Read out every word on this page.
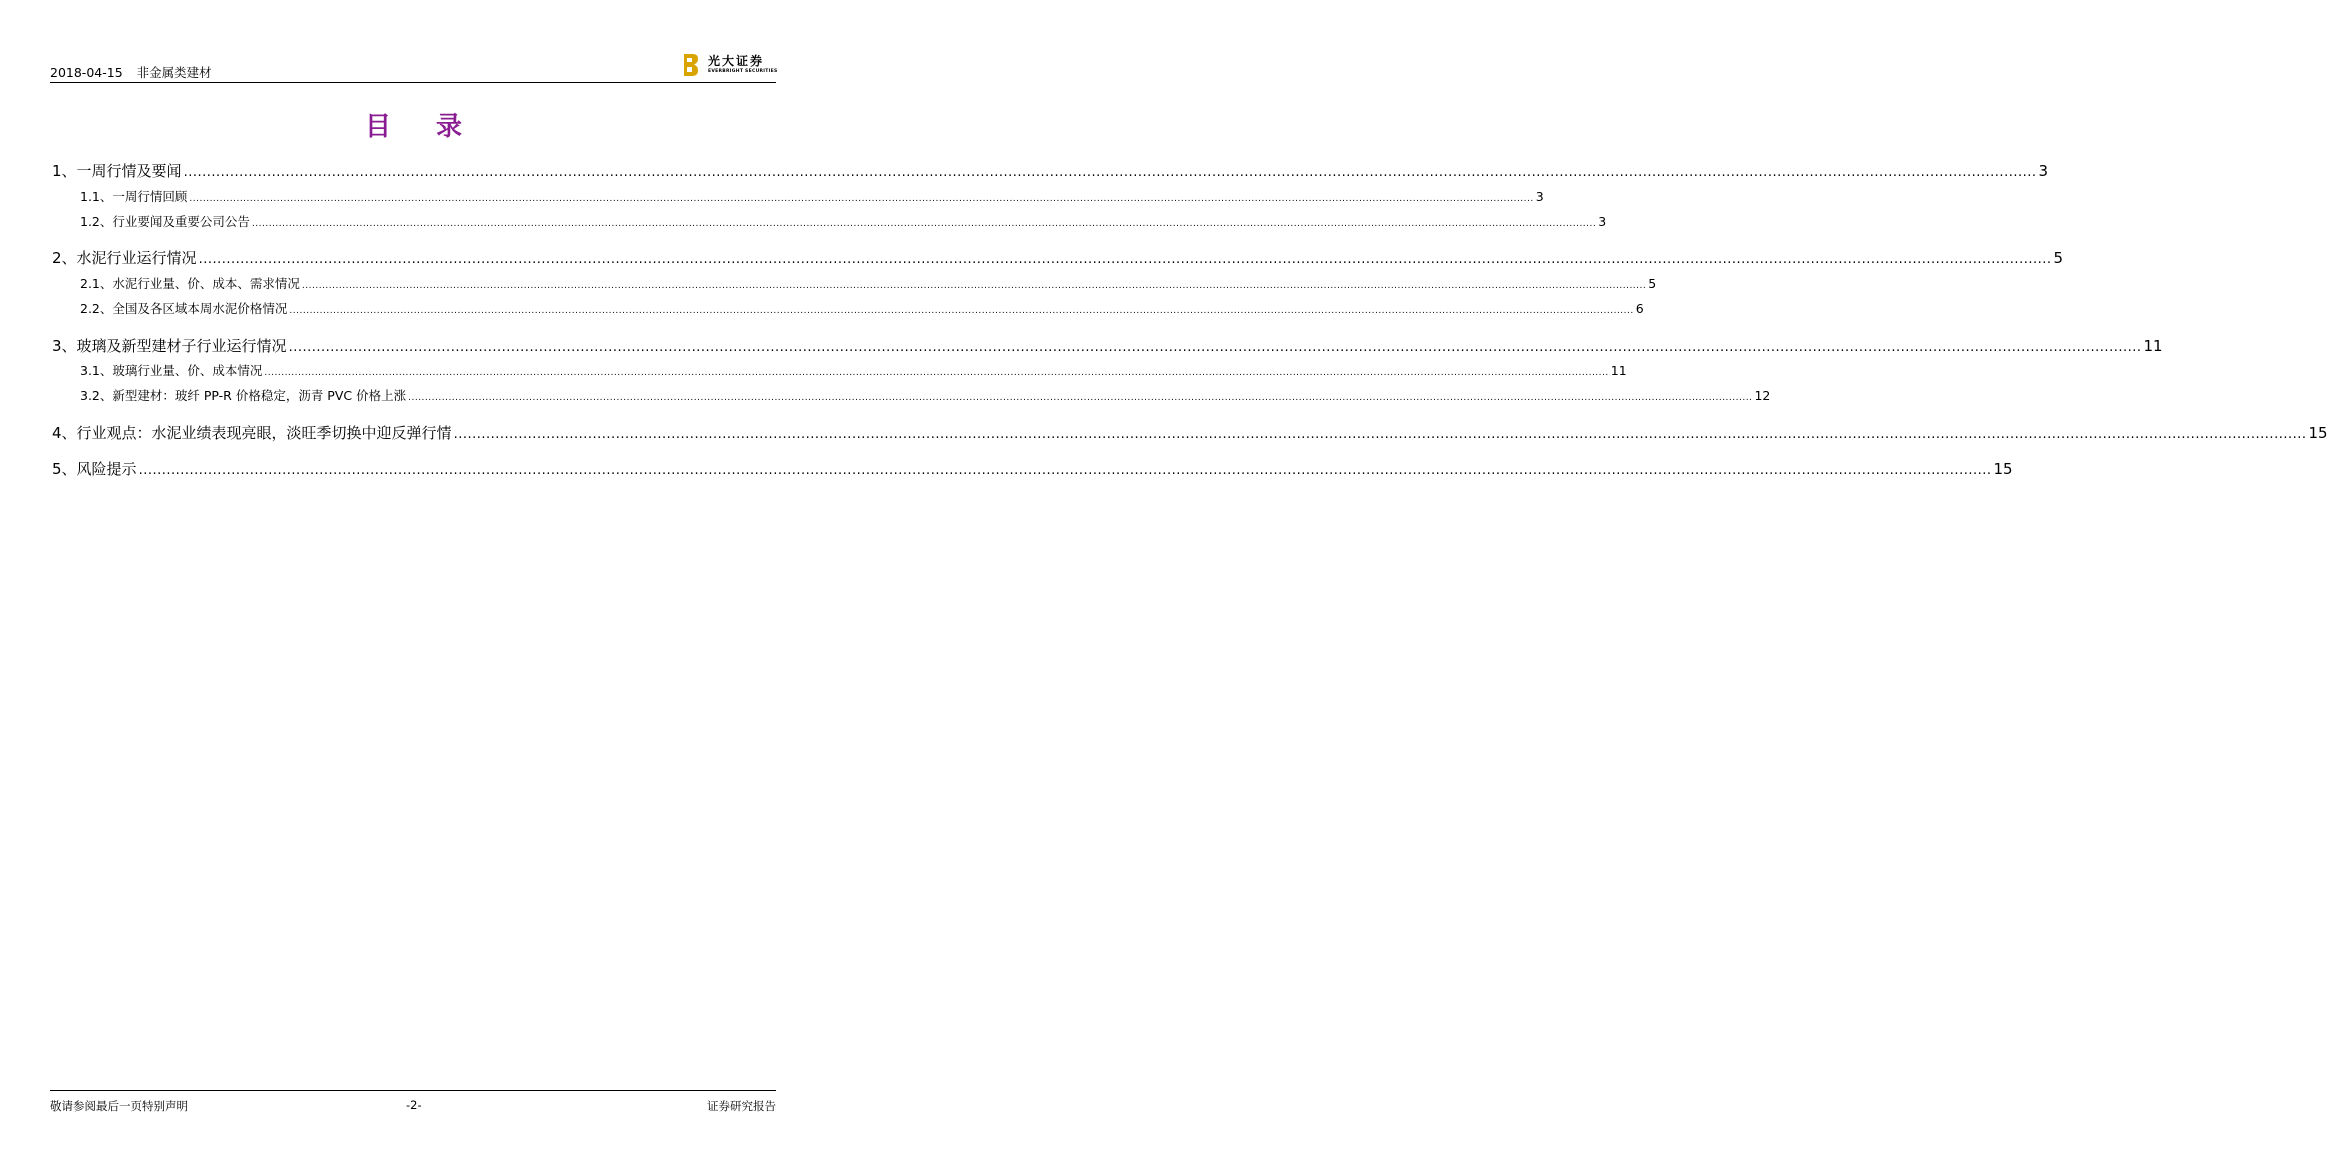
2018-04-15 非金属类建材
光大证券
EVERBRIGHT SECURITIES
目 录
1、 一周行情及要闻 ................................................................................................................................................................................................................................................................................................................................................................................................................ 3
1.1、 一周行情回顾 ................................................................................................................................................................................................................................................................................................................................................................................................................ 3
1.2、 行业要闻及重要公司公告 ................................................................................................................................................................................................................................................................................................................................................................................................................ 3
2、 水泥行业运行情况 ................................................................................................................................................................................................................................................................................................................................................................................................................ 5
2.1、 水泥行业量、价、成本、需求情况 ................................................................................................................................................................................................................................................................................................................................................................................................................ 5
2.2、 全国及各区域本周水泥价格情况 ................................................................................................................................................................................................................................................................................................................................................................................................................ 6
3、 玻璃及新型建材子行业运行情况 ................................................................................................................................................................................................................................................................................................................................................................................................................ 11
3.1、 玻璃行业量、价、成本情况 ................................................................................................................................................................................................................................................................................................................................................................................................................ 11
3.2、 新型建材：玻纤 PP-R 价格稳定，沥青 PVC 价格上涨 ................................................................................................................................................................................................................................................................................................................................................................................................................ 12
4、 行业观点：水泥业绩表现亮眼，淡旺季切换中迎反弹行情 ................................................................................................................................................................................................................................................................................................................................................................................................................ 15
5、 风险提示 ................................................................................................................................................................................................................................................................................................................................................................................................................ 15
敬请参阅最后一页特别声明	-2-	证券研究报告
